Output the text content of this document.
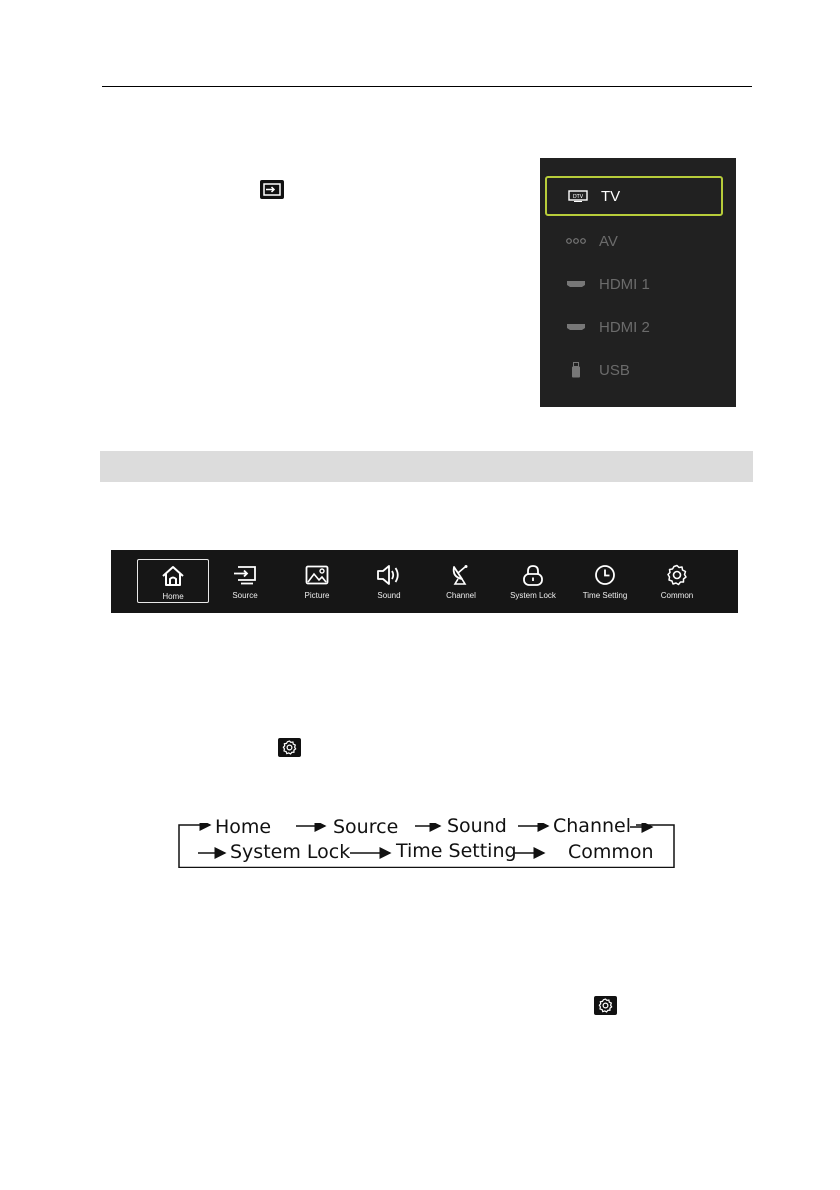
DTV TV
AV
HDMI 1
HDMI 2
USB
Home	Source	Picture	Sound	Channel	System Lock	Time Setting	Common
Home	Source	Sound Channel
System Lock Time Setting	Common
